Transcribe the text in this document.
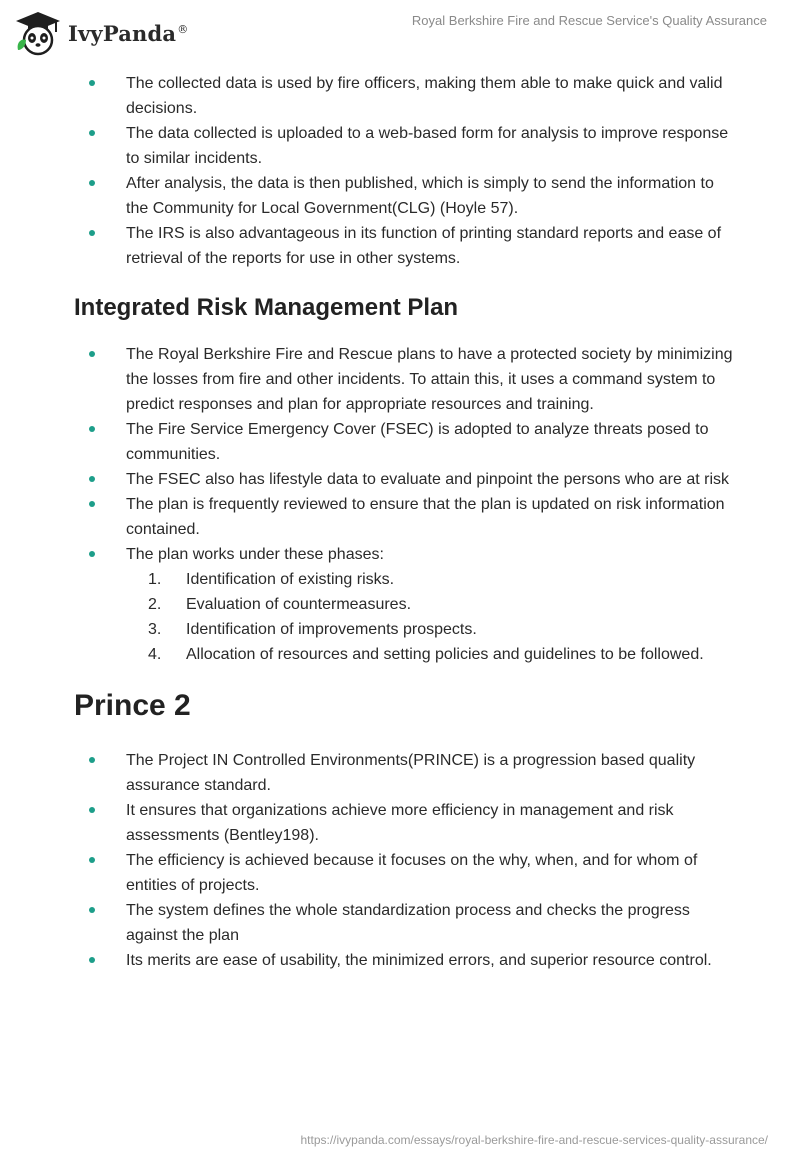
IvyPanda®
Royal Berkshire Fire and Rescue Service's Quality Assurance
The collected data is used by fire officers, making them able to make quick and valid decisions.
The data collected is uploaded to a web-based form for analysis to improve response to similar incidents.
After analysis, the data is then published, which is simply to send the information to the Community for Local Government(CLG) (Hoyle 57).
The IRS is also advantageous in its function of printing standard reports and ease of retrieval of the reports for use in other systems.
Integrated Risk Management Plan
The Royal Berkshire Fire and Rescue plans to have a protected society by minimizing the losses from fire and other incidents. To attain this, it uses a command system to predict responses and plan for appropriate resources and training.
The Fire Service Emergency Cover (FSEC) is adopted to analyze threats posed to communities.
The FSEC also has lifestyle data to evaluate and pinpoint the persons who are at risk
The plan is frequently reviewed to ensure that the plan is updated on risk information contained.
The plan works under these phases:
1. Identification of existing risks.
2. Evaluation of countermeasures.
3. Identification of improvements prospects.
4. Allocation of resources and setting policies and guidelines to be followed.
Prince 2
The Project IN Controlled Environments(PRINCE) is a progression based quality assurance standard.
It ensures that organizations achieve more efficiency in management and risk assessments (Bentley198).
The efficiency is achieved because it focuses on the why, when, and for whom of entities of projects.
The system defines the whole standardization process and checks the progress against the plan
Its merits are ease of usability, the minimized errors, and superior resource control.
https://ivypanda.com/essays/royal-berkshire-fire-and-rescue-services-quality-assurance/
